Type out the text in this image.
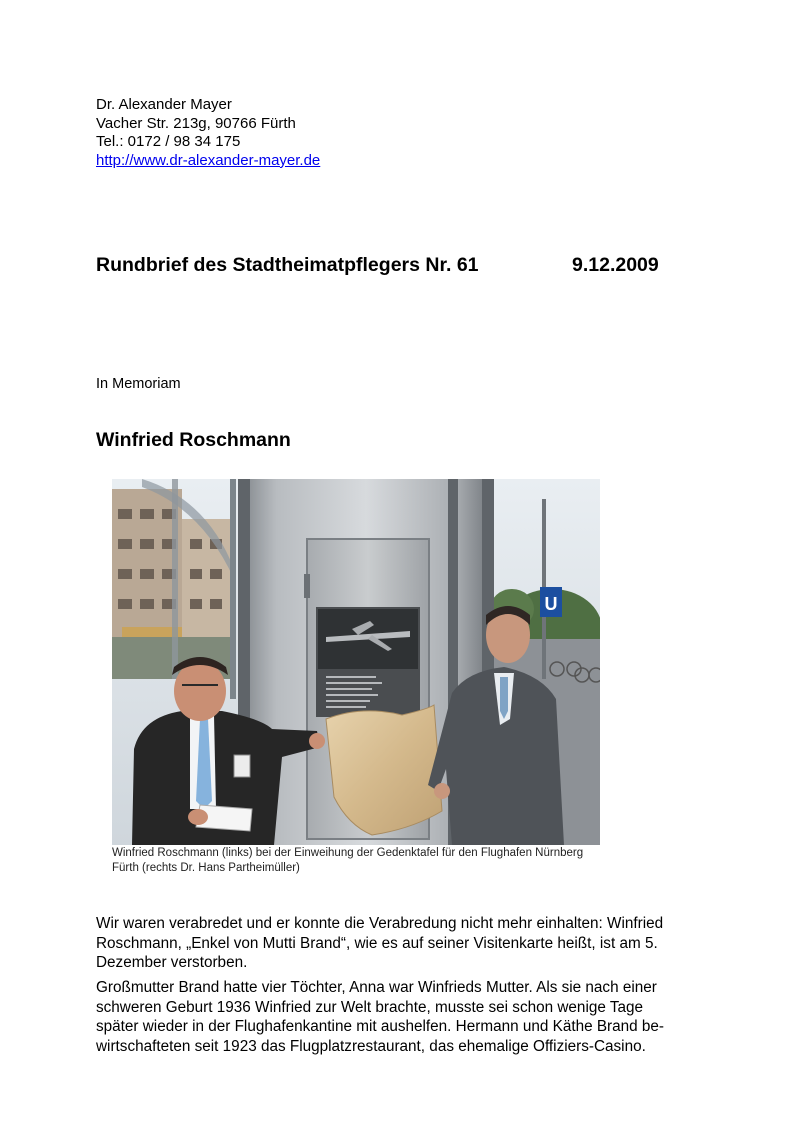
Dr. Alexander Mayer
Vacher Str. 213g, 90766 Fürth
Tel.: 0172 / 98 34 175
http://www.dr-alexander-mayer.de
Rundbrief des Stadtheimatpflegers Nr. 61	9.12.2009
In Memoriam
Winfried Roschmann
U
Winfried Roschmann (links) bei der Einweihung der Gedenktafel für den Flughafen Nürnberg
Fürth (rechts Dr. Hans Partheimüller)
Wir waren verabredet und er konnte die Verabredung nicht mehr einhalten: Winfried
Roschmann, „Enkel von Mutti Brand“, wie es auf seiner Visitenkarte heißt, ist am 5.
Dezember verstorben.
Großmutter Brand hatte vier Töchter, Anna war Winfrieds Mutter. Als sie nach einer
schweren Geburt 1936 Winfried zur Welt brachte, musste sei schon wenige Tage
später wieder in der Flughafenkantine mit aushelfen. Hermann und Käthe Brand be-
wirtschafteten seit 1923 das Flugplatzrestaurant, das ehemalige Offiziers-Casino.
